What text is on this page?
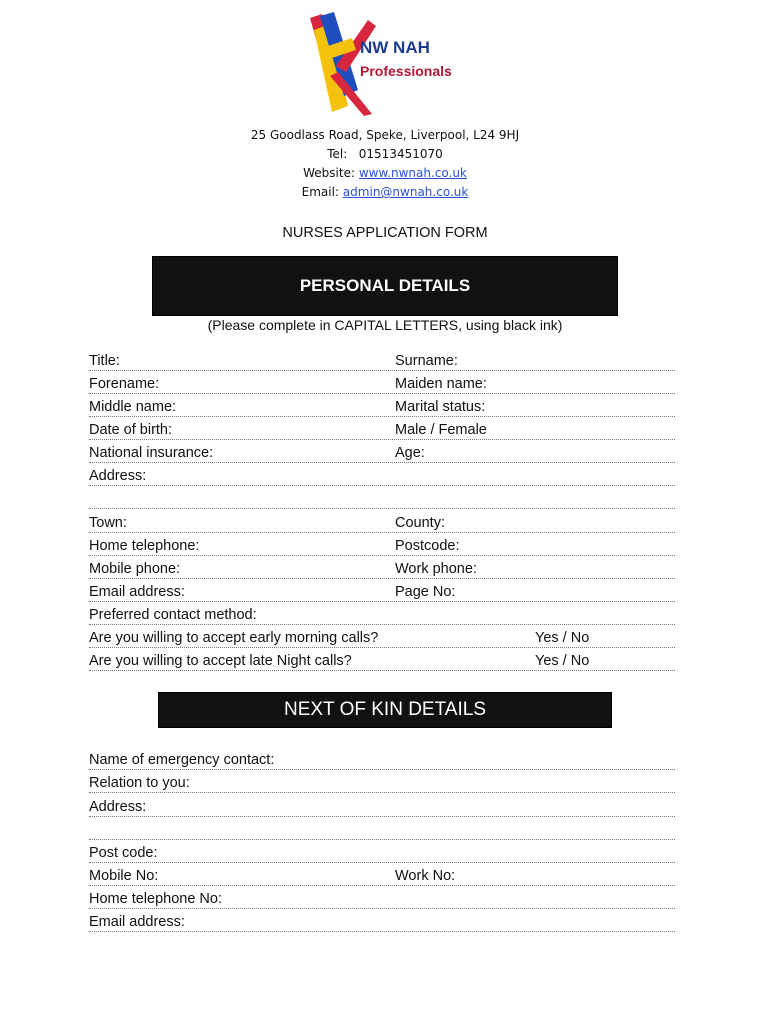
NW NAH
Professionals
25 Goodlass Road, Speke, Liverpool, L24 9HJ
Tel: 01513451070
Website: www.nwnah.co.uk
Email: admin@nwnah.co.uk
NURSES APPLICATION FORM
PERSONAL DETAILS
(Please complete in CAPITAL LETTERS, using black ink)
Title:	Surname:
Forename:	Maiden name:
Middle name:	Marital status:
Date of birth:	Male / Female
National insurance:	Age:
Address:
Town:	County:
Home telephone:	Postcode:
Mobile phone:	Work phone:
Email address:	Page No:
Preferred contact method:
Are you willing to accept early morning calls?	Yes / No
Are you willing to accept late Night calls?	Yes / No
NEXT OF KIN DETAILS
Name of emergency contact:
Relation to you:
Address:
Post code:
Mobile No:	Work No:
Home telephone No:
Email address:
